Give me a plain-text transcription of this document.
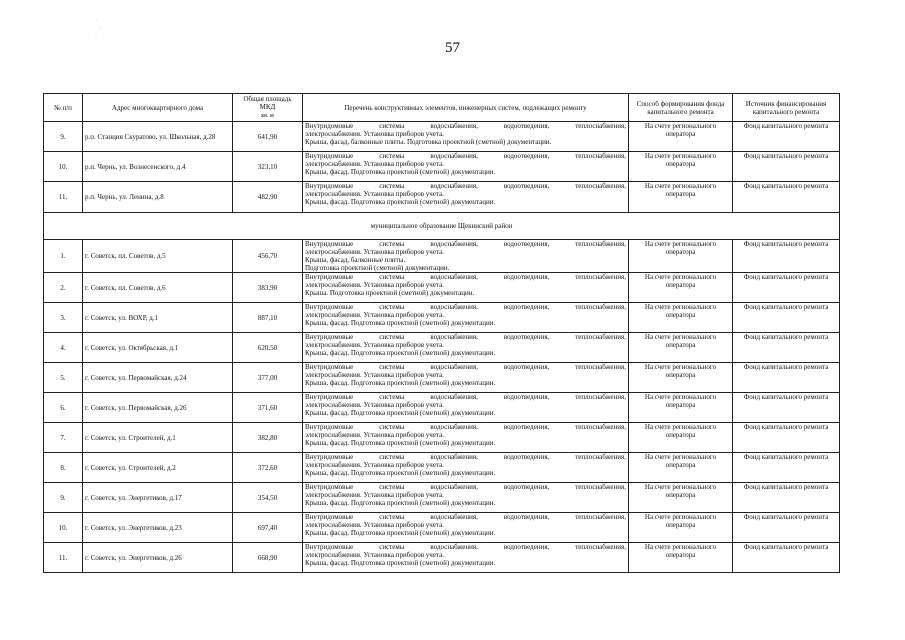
·
·
·
57
№ п/п	Адрес многоквартирного дома	Общая площадь МКД
кв. м	Перечень конструктивных элементов, инженерных систем, подлежащих ремонту	Способ формирования фонда капитального ремонта	Источник финансирования капитального ремонта
9.	р.п. Станция Скуратово, ул. Школьная, д.28	641,90	Внутридомовые системы водоснабжения, водоотведения, теплоснабжения,
электроснабжения. Установка приборов учета.
Крыша, фасад, балконные плиты. Подготовка проектной (сметной) документации.	На счете регионального оператора	Фонд капитального ремонта
10.	р.п. Чернь, ул. Вознесенского, д.4	323,10	Внутридомовые системы водоснабжения, водоотведения, теплоснабжения,
электроснабжения. Установка приборов учета.
Крыша, фасад. Подготовка проектной (сметной) документации.	На счете регионального оператора	Фонд капитального ремонта
11.	р.п. Чернь, ул. Ленина, д.8	482,90	Внутридомовые системы водоснабжения, водоотведения, теплоснабжения,
электроснабжения. Установка приборов учета.
Крыша, фасад. Подготовка проектной (сметной) документации.	На счете регионального оператора	Фонд капитального ремонта
муниципальное образование Щекинский район					
1.	г. Советск, пл. Советов, д.5	456,70	Внутридомовые системы водоснабжения, водоотведения, теплоснабжения,
электроснабжения. Установка приборов учета.
Крыша, фасад, балконные плиты.
Подготовка проектной (сметной) документации.	На счете регионального оператора	Фонд капитального ремонта
2.	г. Советск, пл. Советов, д.6	383,90	Внутридомовые системы водоснабжения, водоотведения, теплоснабжения,
электроснабжения. Установка приборов учета.
Крыша. Подготовка проектной (сметной) документации.	На счете регионального оператора	Фонд капитального ремонта
3.	г. Советск, ул. ВОХР, д.1	887,10	Внутридомовые системы водоснабжения, водоотведения, теплоснабжения,
электроснабжения. Установка приборов учета.
Крыша, фасад. Подготовка проектной (сметной) документации.	На счете регионального оператора	Фонд капитального ремонта
4.	г. Советск, ул. Октябрьская, д.1	620,50	Внутридомовые системы водоснабжения, водоотведения, теплоснабжения,
электроснабжения. Установка приборов учета.
Крыша, фасад. Подготовка проектной (сметной) документации.	На счете регионального оператора	Фонд капитального ремонта
5.	г. Советск, ул. Первомайская, д.24	377,00	Внутридомовые системы водоснабжения, водоотведения, теплоснабжения,
электроснабжения. Установка приборов учета.
Крыша, фасад. Подготовка проектной (сметной) документации.	На счете регионального оператора	Фонд капитального ремонта
6.	г. Советск, ул. Первомайская, д.26	371,60	Внутридомовые системы водоснабжения, водоотведения, теплоснабжения,
электроснабжения. Установка приборов учета.
Крыша, фасад. Подготовка проектной (сметной) документации.	На счете регионального оператора	Фонд капитального ремонта
7.	г. Советск, ул. Строителей, д.1	382,80	Внутридомовые системы водоснабжения, водоотведения, теплоснабжения,
электроснабжения. Установка приборов учета.
Крыша, фасад. Подготовка проектной (сметной) документации.	На счете регионального оператора	Фонд капитального ремонта
8.	г. Советск, ул. Строителей, д.2	372,60	Внутридомовые системы водоснабжения, водоотведения, теплоснабжения,
электроснабжения. Установка приборов учета.
Крыша, фасад. Подготовка проектной (сметной) документации.	На счете регионального оператора	Фонд капитального ремонта
9.	г. Советск, ул. Энергетиков, д.17	354,50	Внутридомовые системы водоснабжения, водоотведения, теплоснабжения,
электроснабжения. Установка приборов учета.
Крыша, фасад. Подготовка проектной (сметной) документации.	На счете регионального оператора	Фонд капитального ремонта
10.	г. Советск, ул. Энергетиков, д.23	697,40	Внутридомовые системы водоснабжения, водоотведения, теплоснабжения,
электроснабжения. Установка приборов учета.
Крыша, фасад. Подготовка проектной (сметной) документации.	На счете регионального оператора	Фонд капитального ремонта
11.	г. Советск, ул. Энергетиков, д.26	668,90	Внутридомовые системы водоснабжения, водоотведения, теплоснабжения,
электроснабжения. Установка приборов учета.
Крыша, фасад. Подготовка проектной (сметной) документации.	На счете регионального оператора	Фонд капитального ремонта
